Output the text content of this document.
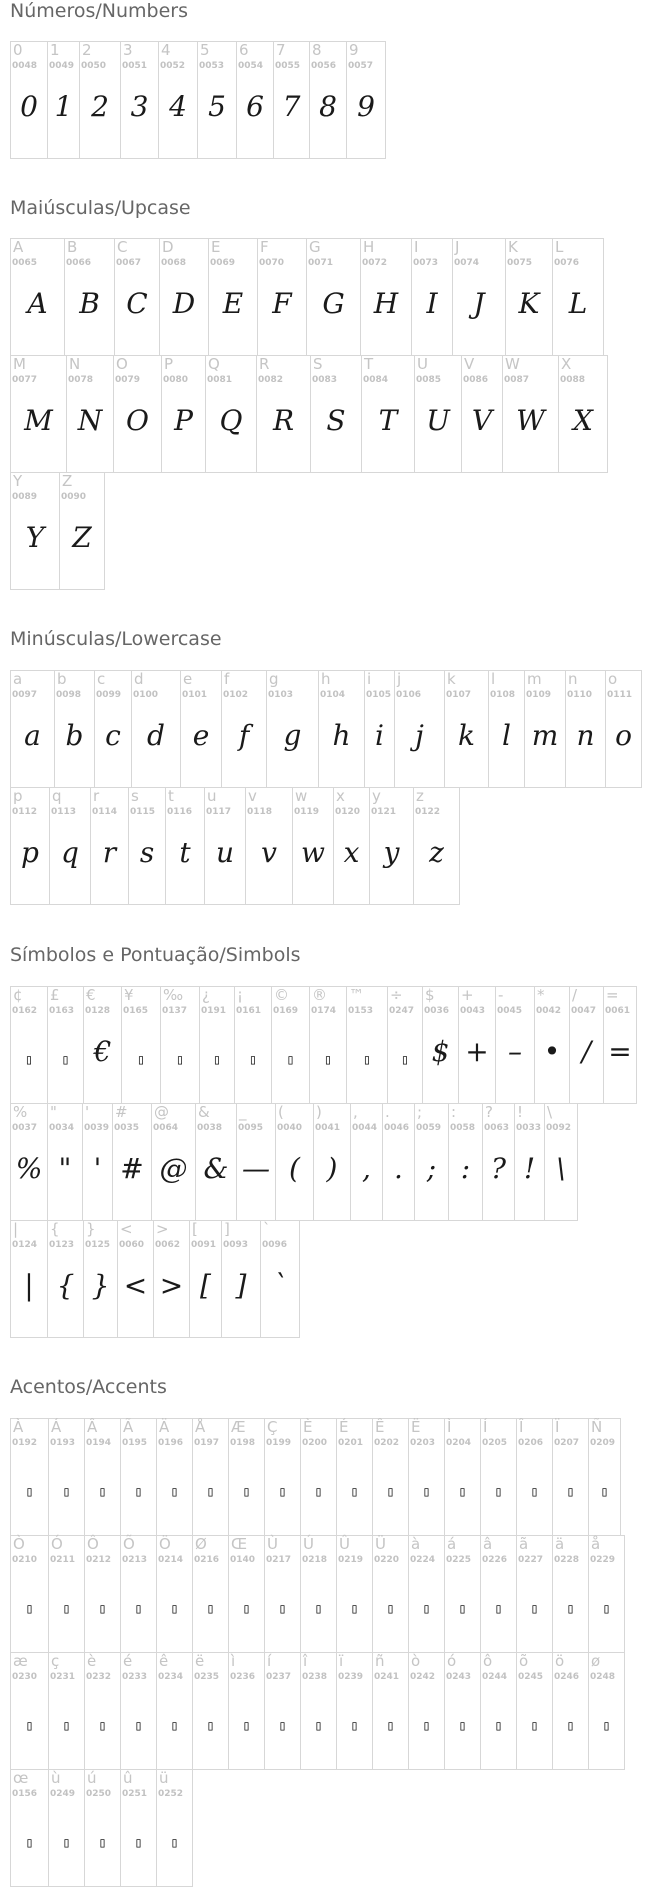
Números/Numbers
0
0048
0
1
0049
1
2
0050
2
3
0051
3
4
0052
4
5
0053
5
6
0054
6
7
0055
7
8
0056
8
9
0057
9
Maiúsculas/Upcase
A
0065
A
B
0066
B
C
0067
C
D
0068
D
E
0069
E
F
0070
F
G
0071
G
H
0072
H
I
0073
I
J
0074
J
K
0075
K
L
0076
L
M
0077
M
N
0078
N
O
0079
O
P
0080
P
Q
0081
Q
R
0082
R
S
0083
S
T
0084
T
U
0085
U
V
0086
V
W
0087
W
X
0088
X
Y
0089
Y
Z
0090
Z
Minúsculas/Lowercase
a
0097
a
b
0098
b
c
0099
c
d
0100
d
e
0101
e
f
0102
f
g
0103
g
h
0104
h
i
0105
i
j
0106
j
k
0107
k
l
0108
l
m
0109
m
n
0110
n
o
0111
o
p
0112
p
q
0113
q
r
0114
r
s
0115
s
t
0116
t
u
0117
u
v
0118
v
w
0119
w
x
0120
x
y
0121
y
z
0122
z
Símbolos e Pontuação/Simbols
¢
0162
▯
£
0163
▯
€
0128
€
¥
0165
▯
‰
0137
▯
¿
0191
▯
¡
0161
▯
©
0169
▯
®
0174
▯
™
0153
▯
÷
0247
▯
$
0036
$
+
0043
+
-
0045
–
*
0042
•
/
0047
/
=
0061
=
%
0037
%
"
0034
"
'
0039
'
#
0035
#
@
0064
@
&
0038
&
_
0095
—
(
0040
(
)
0041
)
,
0044
,
.
0046
.
;
0059
;
:
0058
:
?
0063
?
!
0033
!
\
0092
\
|
0124
|
{
0123
{
}
0125
}
<
0060
<
>
0062
>
[
0091
[
]
0093
]
`
0096
`
Acentos/Accents
À
0192
▯
Á
0193
▯
Â
0194
▯
Ã
0195
▯
Ä
0196
▯
Å
0197
▯
Æ
0198
▯
Ç
0199
▯
È
0200
▯
É
0201
▯
Ê
0202
▯
Ë
0203
▯
Ì
0204
▯
Í
0205
▯
Î
0206
▯
Ï
0207
▯
Ñ
0209
▯
Ò
0210
▯
Ó
0211
▯
Ô
0212
▯
Õ
0213
▯
Ö
0214
▯
Ø
0216
▯
Œ
0140
▯
Ù
0217
▯
Ú
0218
▯
Û
0219
▯
Ü
0220
▯
à
0224
▯
á
0225
▯
â
0226
▯
ã
0227
▯
ä
0228
▯
å
0229
▯
æ
0230
▯
ç
0231
▯
è
0232
▯
é
0233
▯
ê
0234
▯
ë
0235
▯
ì
0236
▯
í
0237
▯
î
0238
▯
ï
0239
▯
ñ
0241
▯
ò
0242
▯
ó
0243
▯
ô
0244
▯
õ
0245
▯
ö
0246
▯
ø
0248
▯
œ
0156
▯
ù
0249
▯
ú
0250
▯
û
0251
▯
ü
0252
▯
